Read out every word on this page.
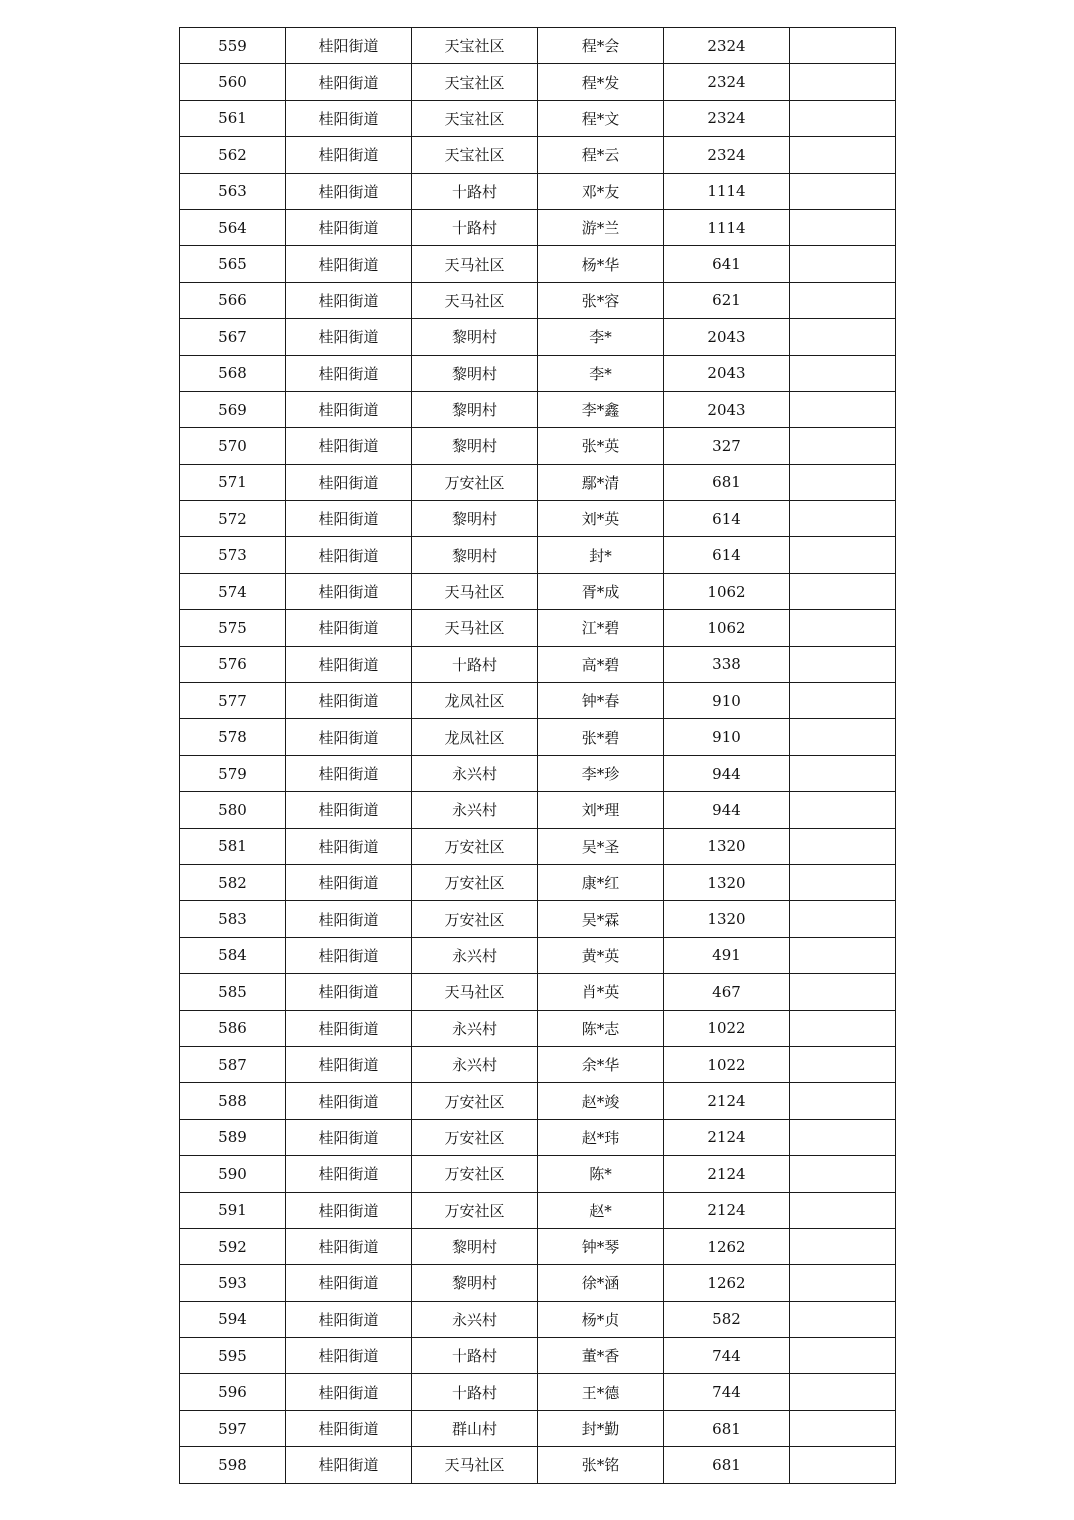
559	桂阳街道	天宝社区	程*会	2324	
560	桂阳街道	天宝社区	程*发	2324	
561	桂阳街道	天宝社区	程*文	2324	
562	桂阳街道	天宝社区	程*云	2324	
563	桂阳街道	十路村	邓*友	1114	
564	桂阳街道	十路村	游*兰	1114	
565	桂阳街道	天马社区	杨*华	641	
566	桂阳街道	天马社区	张*容	621	
567	桂阳街道	黎明村	李*	2043	
568	桂阳街道	黎明村	李*	2043	
569	桂阳街道	黎明村	李*鑫	2043	
570	桂阳街道	黎明村	张*英	327	
571	桂阳街道	万安社区	鄢*清	681	
572	桂阳街道	黎明村	刘*英	614	
573	桂阳街道	黎明村	封*	614	
574	桂阳街道	天马社区	胥*成	1062	
575	桂阳街道	天马社区	江*碧	1062	
576	桂阳街道	十路村	高*碧	338	
577	桂阳街道	龙凤社区	钟*春	910	
578	桂阳街道	龙凤社区	张*碧	910	
579	桂阳街道	永兴村	李*珍	944	
580	桂阳街道	永兴村	刘*理	944	
581	桂阳街道	万安社区	吴*圣	1320	
582	桂阳街道	万安社区	康*红	1320	
583	桂阳街道	万安社区	吴*霖	1320	
584	桂阳街道	永兴村	黄*英	491	
585	桂阳街道	天马社区	肖*英	467	
586	桂阳街道	永兴村	陈*志	1022	
587	桂阳街道	永兴村	余*华	1022	
588	桂阳街道	万安社区	赵*竣	2124	
589	桂阳街道	万安社区	赵*玮	2124	
590	桂阳街道	万安社区	陈*	2124	
591	桂阳街道	万安社区	赵*	2124	
592	桂阳街道	黎明村	钟*琴	1262	
593	桂阳街道	黎明村	徐*涵	1262	
594	桂阳街道	永兴村	杨*贞	582	
595	桂阳街道	十路村	董*香	744	
596	桂阳街道	十路村	王*德	744	
597	桂阳街道	群山村	封*勤	681	
598	桂阳街道	天马社区	张*铭	681	
